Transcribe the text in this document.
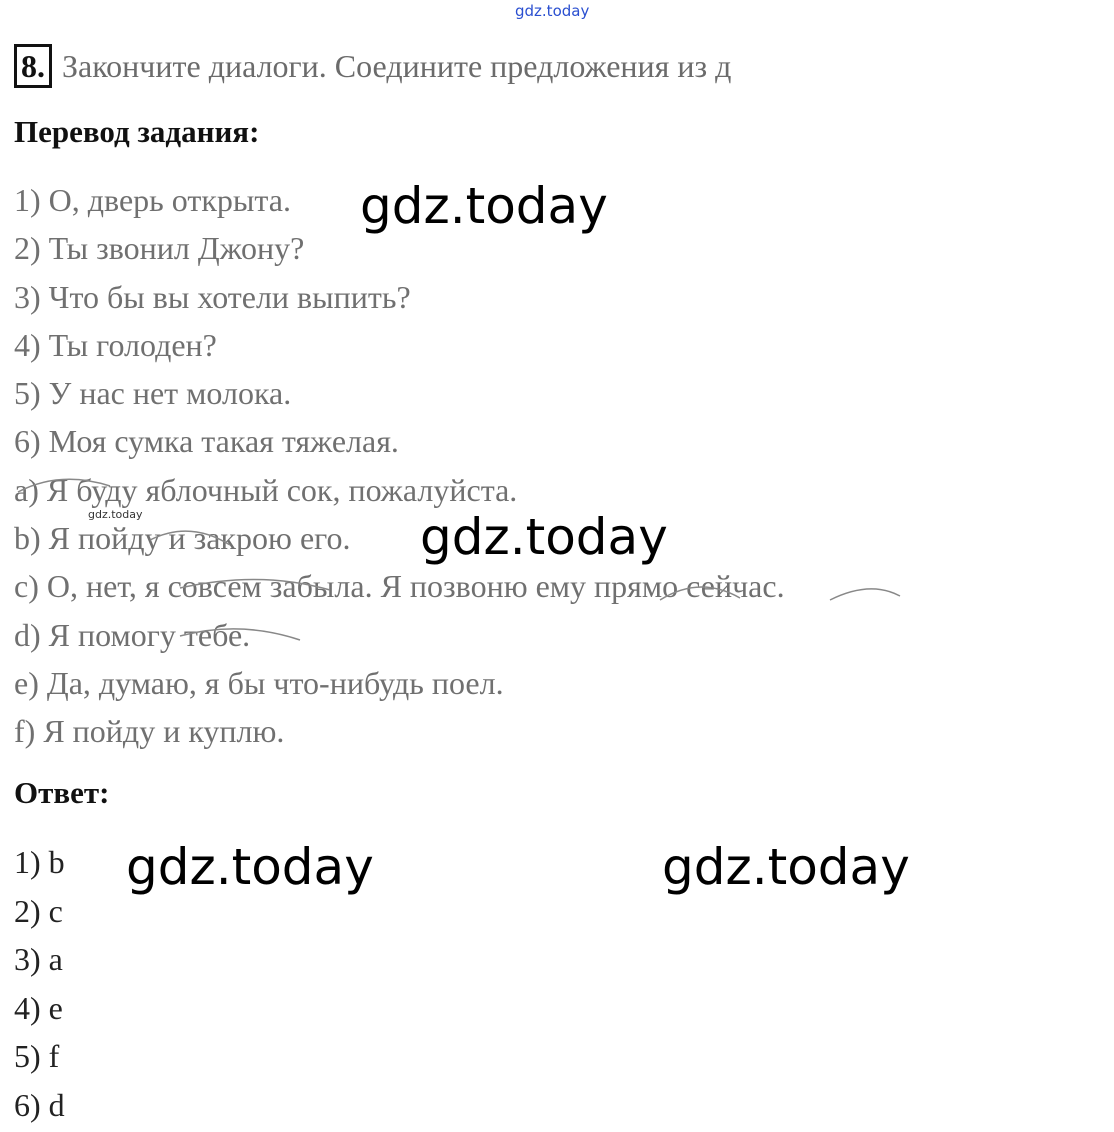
gdz.today
8. Закончите диалоги. Соедините предложения из д
Перевод задания:
1) О, дверь открыта.
2) Ты звонил Джону?
3) Что бы вы хотели выпить?
4) Ты голоден?
5) У нас нет молока.
6) Моя сумка такая тяжелая.
a) Я буду яблочный сок, пожалуйста.
b) Я пойду и закрою его.
c) О, нет, я совсем забыла. Я позвоню ему прямо сейчас.
d) Я помогу тебе.
e) Да, думаю, я бы что-нибудь поел.
f) Я пойду и куплю.
Ответ:
1) b
2) c
3) a
4) e
5) f
6) d
gdz.today
gdz.today
gdz.today
gdz.today	gdz.today
